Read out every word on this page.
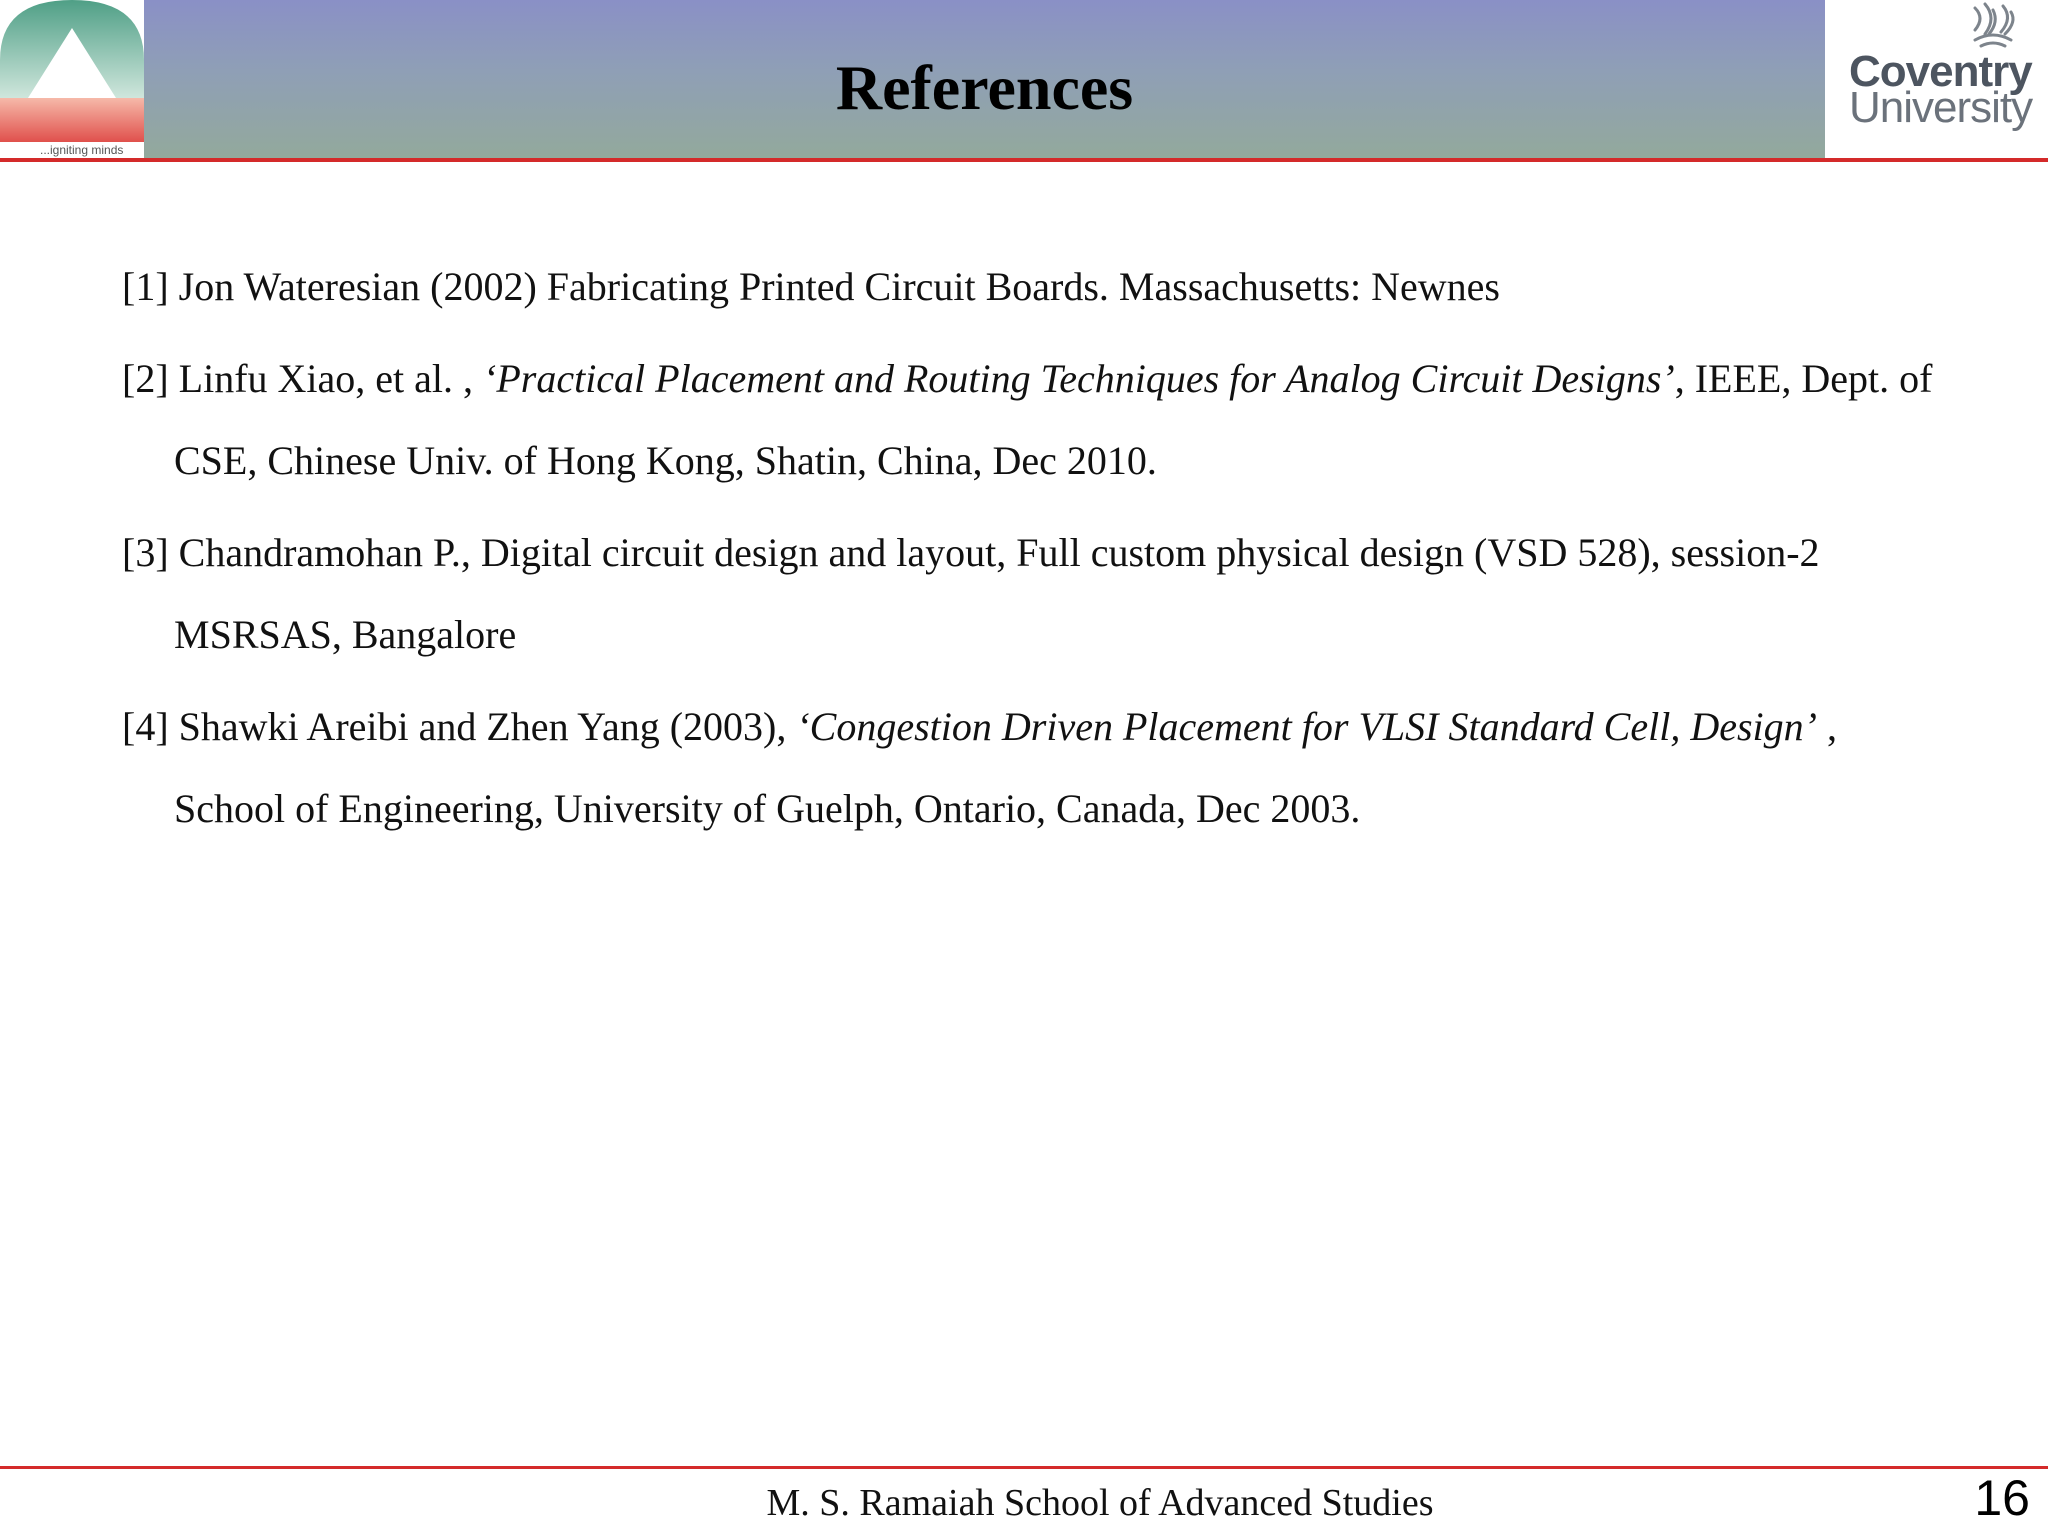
References
...igniting minds
Coventry
University
[1] Jon Wateresian (2002) Fabricating Printed Circuit Boards. Massachusetts: Newnes
[2] Linfu Xiao, et al. , ‘Practical Placement and Routing Techniques for Analog Circuit Designs’, IEEE, Dept. of CSE, Chinese Univ. of Hong Kong, Shatin, China, Dec 2010.
[3] Chandramohan P., Digital circuit design and layout, Full custom physical design (VSD 528), session-2 MSRSAS, Bangalore
[4] Shawki Areibi and Zhen Yang (2003), ‘Congestion Driven Placement for VLSI Standard Cell, Design’ , School of Engineering, University of Guelph, Ontario, Canada, Dec 2003.
M. S. Ramaiah School of Advanced Studies	16
